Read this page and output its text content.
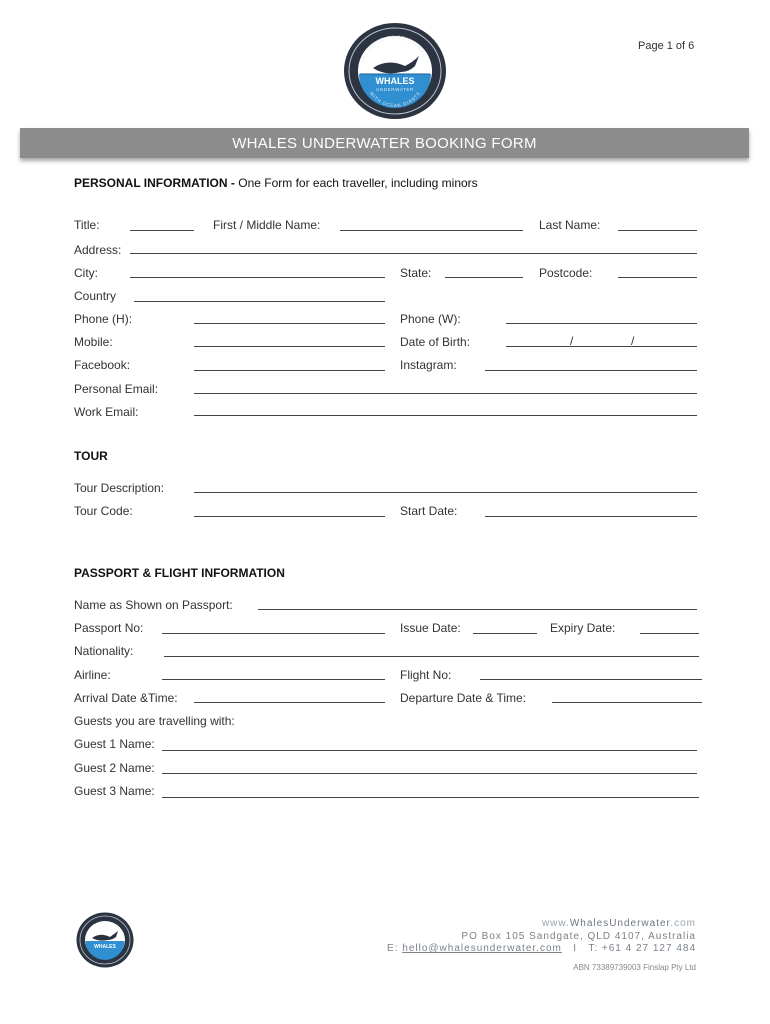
Page 1 of 6
ULTIMATE ENCOUNTERS
WHALES
UNDERWATER
WITH OCEAN GIANTS
WHALES UNDERWATER BOOKING FORM
PERSONAL INFORMATION - One Form for each traveller, including minors
Title:	First / Middle Name:	Last Name:
Address:
City:	State:	Postcode:
Country
Phone (H):	Phone (W):
Mobile:	Date of Birth:	/	/
Facebook:	Instagram:
Personal Email:
Work Email:
TOUR
Tour Description:
Tour Code:	Start Date:
PASSPORT & FLIGHT INFORMATION
Name as Shown on Passport:
Passport No:	Issue Date:	Expiry Date:
Nationality:
Airline:	Flight No:
Arrival Date &Time:	Departure Date & Time:
Guests you are travelling with:
Guest 1 Name:
Guest 2 Name:
Guest 3 Name:
WHALES
www.WhalesUnderwater.com
PO Box 105 Sandgate, QLD 4107, Australia
E: hello@whalesunderwater.com I T: +61 4 27 127 484
ABN 73389739003 Finslap Pty Ltd
